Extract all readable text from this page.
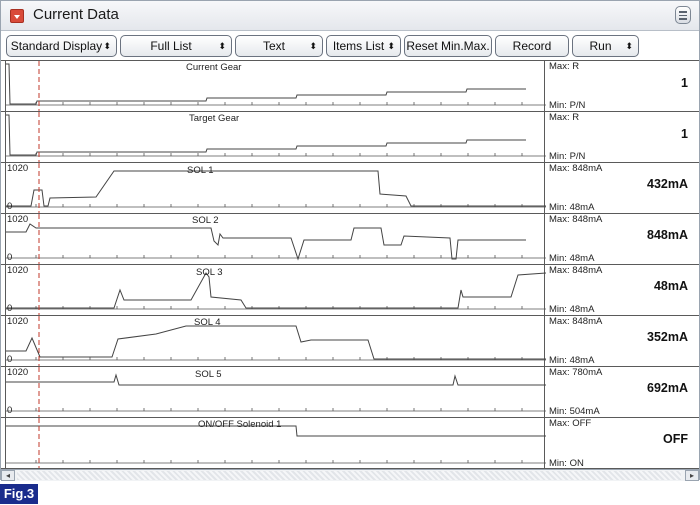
Current Data
Standard Display ⬍	Full List	⬍	Text	⬍	Items List ⬍ Reset Min.Max.	Record	Run ⬍
Current Gear	Max: R
1
Min: P/N
Target Gear	Max: R
1
Min: P/N
1020
0
SOL 1	Max: 848mA
432mA
Min: 48mA
1020
0
SOL 2	Max: 848mA
848mA
Min: 48mA
1020
0
SOL 3	Max: 848mA
48mA
Min: 48mA
1020
0
SOL 4	Max: 848mA
352mA
Min: 48mA
1020
0
SOL 5	Max: 780mA
692mA
Min: 504mA
ON/OFF Solenoid 1	Max: OFF
OFF
Min: ON
◂	▸
Fig.3
